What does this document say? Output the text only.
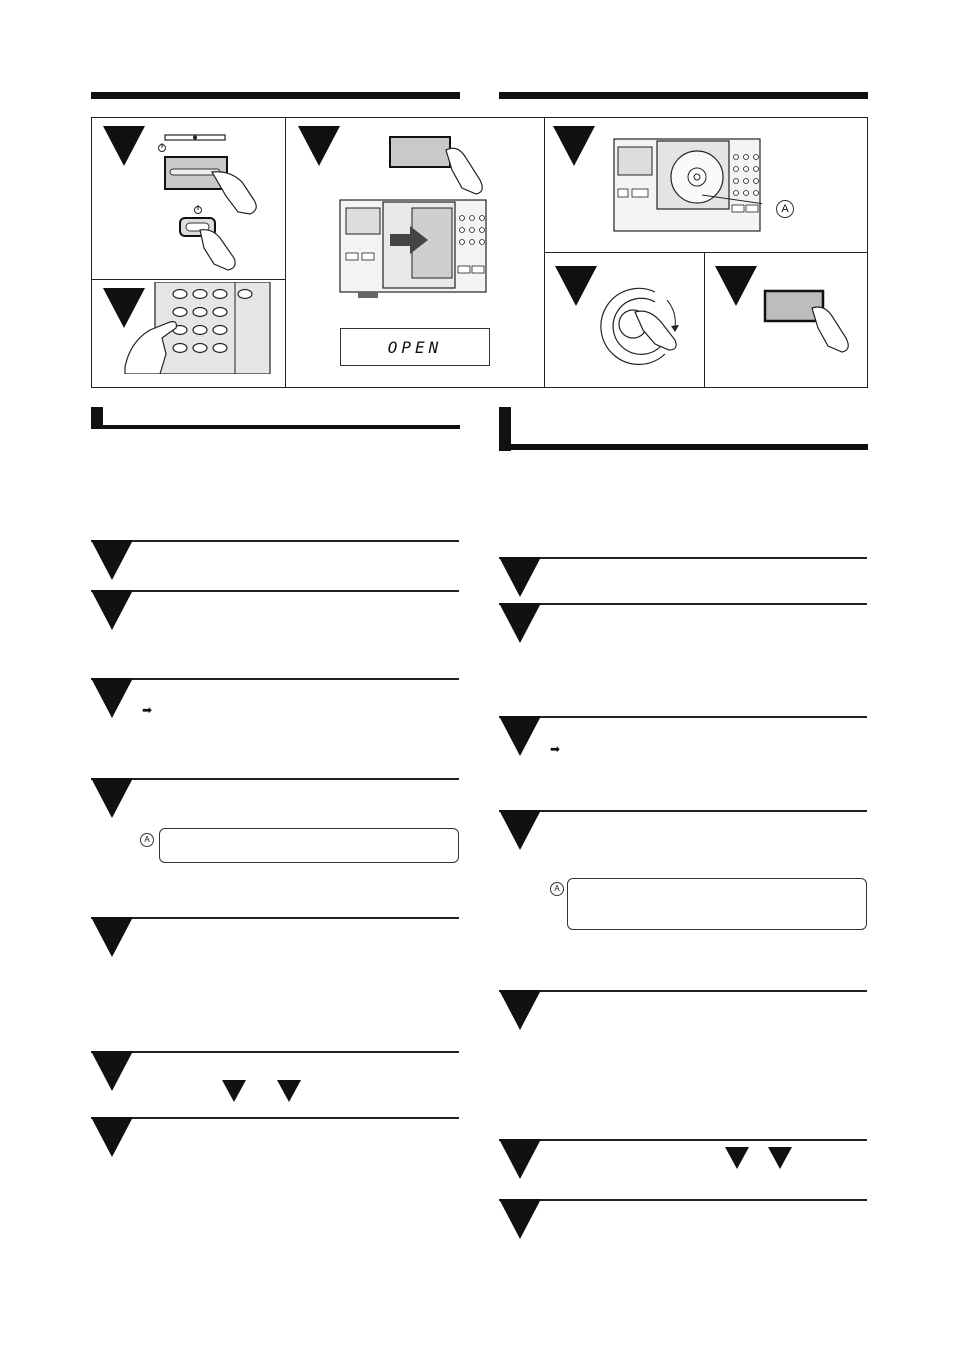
OPEN
A
➡
A
➡
A
